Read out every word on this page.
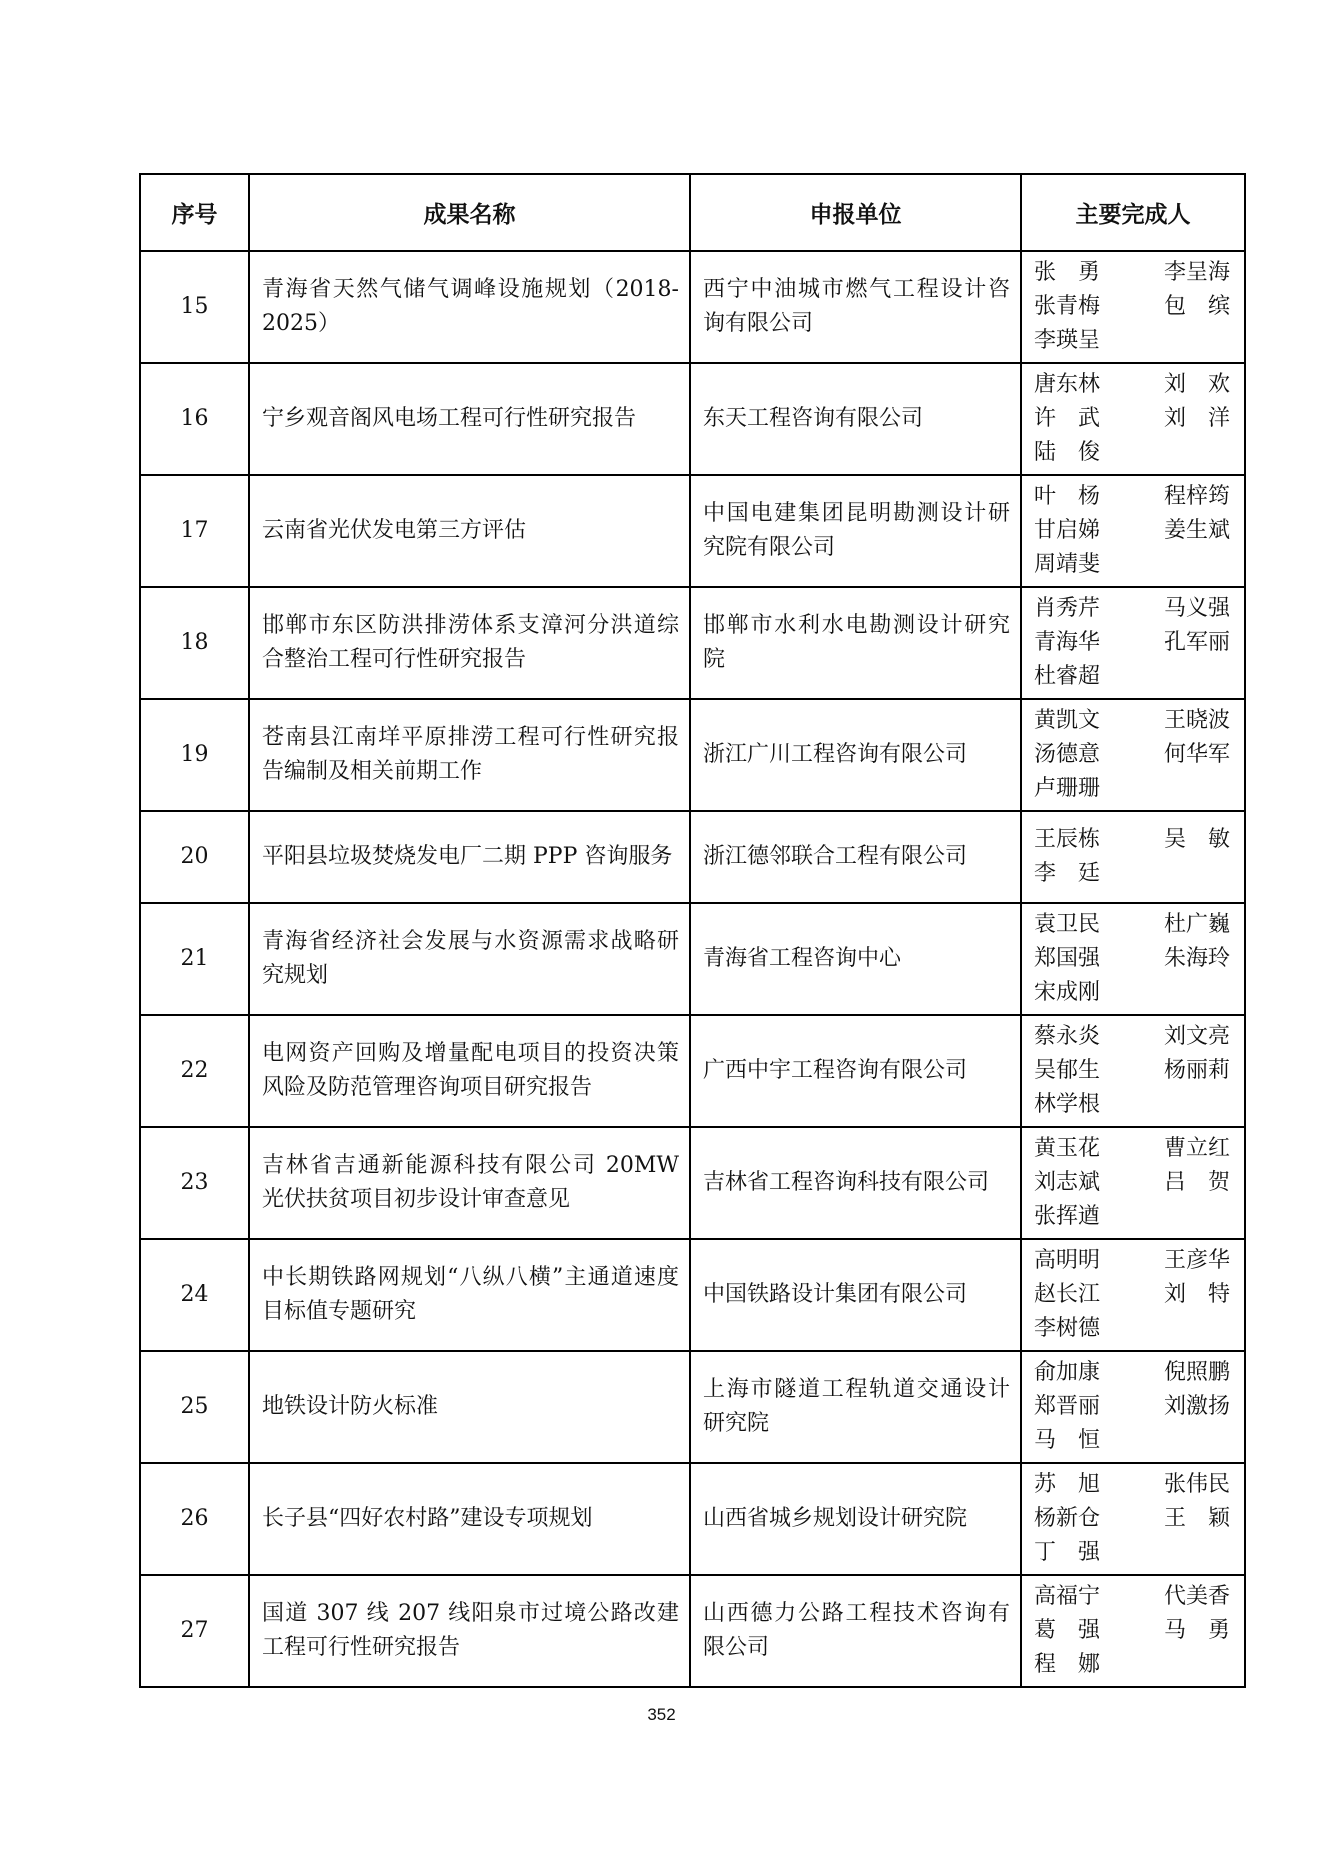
序号	成果名称	申报单位	主要完成人
15	青海省天然气储气调峰设施规划（2018-2025）	西宁中油城市燃气工程设计咨询有限公司	张　勇 李呈海张青梅 包　缤李瑛呈
16	宁乡观音阁风电场工程可行性研究报告	东天工程咨询有限公司	唐东林 刘　欢许　武 刘　洋陆　俊
17	云南省光伏发电第三方评估	中国电建集团昆明勘测设计研究院有限公司	叶　杨 程梓筠甘启娣 姜生斌周靖斐
18	邯郸市东区防洪排涝体系支漳河分洪道综合整治工程可行性研究报告	邯郸市水利水电勘测设计研究院	肖秀芹 马义强青海华 孔军丽杜睿超
19	苍南县江南垟平原排涝工程可行性研究报告编制及相关前期工作	浙江广川工程咨询有限公司	黄凯文 王晓波汤德意 何华军卢珊珊
20	平阳县垃圾焚烧发电厂二期 PPP 咨询服务	浙江德邻联合工程有限公司	王辰栋 吴　敏李　廷
21	青海省经济社会发展与水资源需求战略研究规划	青海省工程咨询中心	袁卫民 杜广巍郑国强 朱海玲宋成刚
22	电网资产回购及增量配电项目的投资决策风险及防范管理咨询项目研究报告	广西中宇工程咨询有限公司	蔡永炎 刘文亮吴郁生 杨丽莉林学根
23	吉林省吉通新能源科技有限公司 20MW 光伏扶贫项目初步设计审查意见	吉林省工程咨询科技有限公司	黄玉花 曹立红刘志斌 吕　贺张挥遒
24	中长期铁路网规划“八纵八横”主通道速度目标值专题研究	中国铁路设计集团有限公司	高明明 王彦华赵长江 刘　特李树德
25	地铁设计防火标准	上海市隧道工程轨道交通设计研究院	俞加康 倪照鹏郑晋丽 刘激扬马　恒
26	长子县“四好农村路”建设专项规划	山西省城乡规划设计研究院	苏　旭 张伟民杨新仓 王　颖丁　强
27	国道 307 线 207 线阳泉市过境公路改建工程可行性研究报告	山西德力公路工程技术咨询有限公司	高福宁 代美香葛　强 马　勇程　娜
352
